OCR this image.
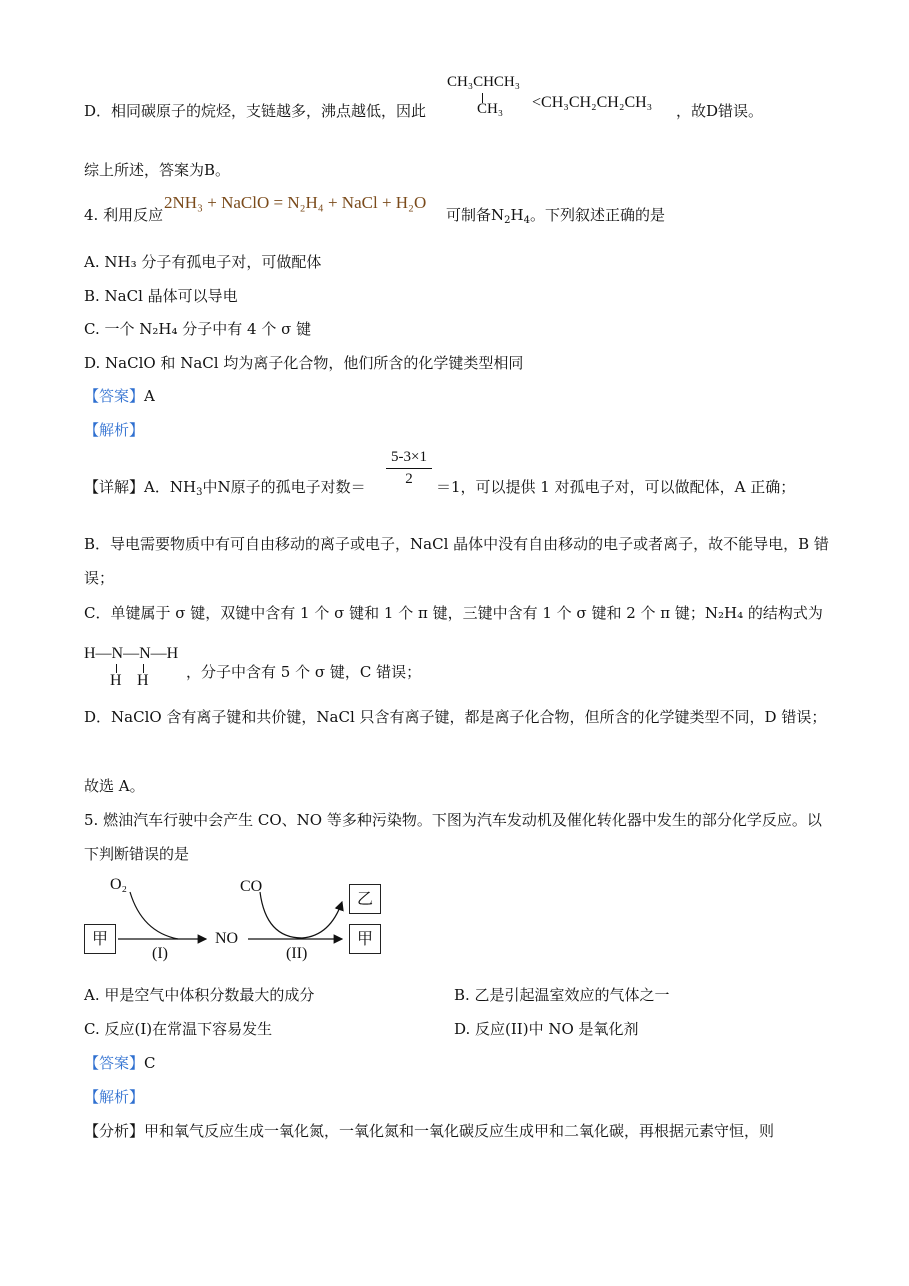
D．相同碳原子的烷烃，支链越多，沸点越低，因此
CH₃CHCH₃
CH₃ <CH₃CH₂CH₂CH₃ ，故D错误。
综上所述，答案为B。
4. 利用反应
2NH₃ + NaClO = N₂H₄ + NaCl + H₂O
可制备$N_2H_4$。下列叙述正确的是
A. NH₃ 分子有孤电子对，可做配体
B. NaCl 晶体可以导电
C. 一个 N₂H₄ 分子中有 4 个 σ 键
D. NaClO 和 NaCl 均为离子化合物，他们所含的化学键类型相同
【答案】A
【解析】
【详解】A．$NH_3$中N原子的孤电子对数＝
5-3×1
2	＝1，可以提供 1 对孤电子对，可以做配体，A 正确；
B．导电需要物质中有可自由移动的离子或电子，NaCl 晶体中没有自由移动的电子或者离子，故不能导电，B 错误；
C．单键属于 σ 键，双键中含有 1 个 σ 键和 1 个 π 键，三键中含有 1 个 σ 键和 2 个 π 键；N₂H₄ 的结构式为
H—N—N—H
H H ，分子中含有 5 个 σ 键，C 错误；
D．NaClO 含有离子键和共价键，NaCl 只含有离子键，都是离子化合物，但所含的化学键类型不同，D 错误；
故选 A。
5. 燃油汽车行驶中会产生 CO、NO 等多种污染物。下图为汽车发动机及催化转化器中发生的部分化学反应。以下判断错误的是
O₂	CO
甲	NO
乙
甲
(I)	(II)
A. 甲是空气中体积分数最大的成分	B. 乙是引起温室效应的气体之一
C. 反应(I)在常温下容易发生	D. 反应(II)中 NO 是氧化剂
【答案】C
【解析】
【分析】甲和氧气反应生成一氧化氮，一氧化氮和一氧化碳反应生成甲和二氧化碳，再根据元素守恒，则
